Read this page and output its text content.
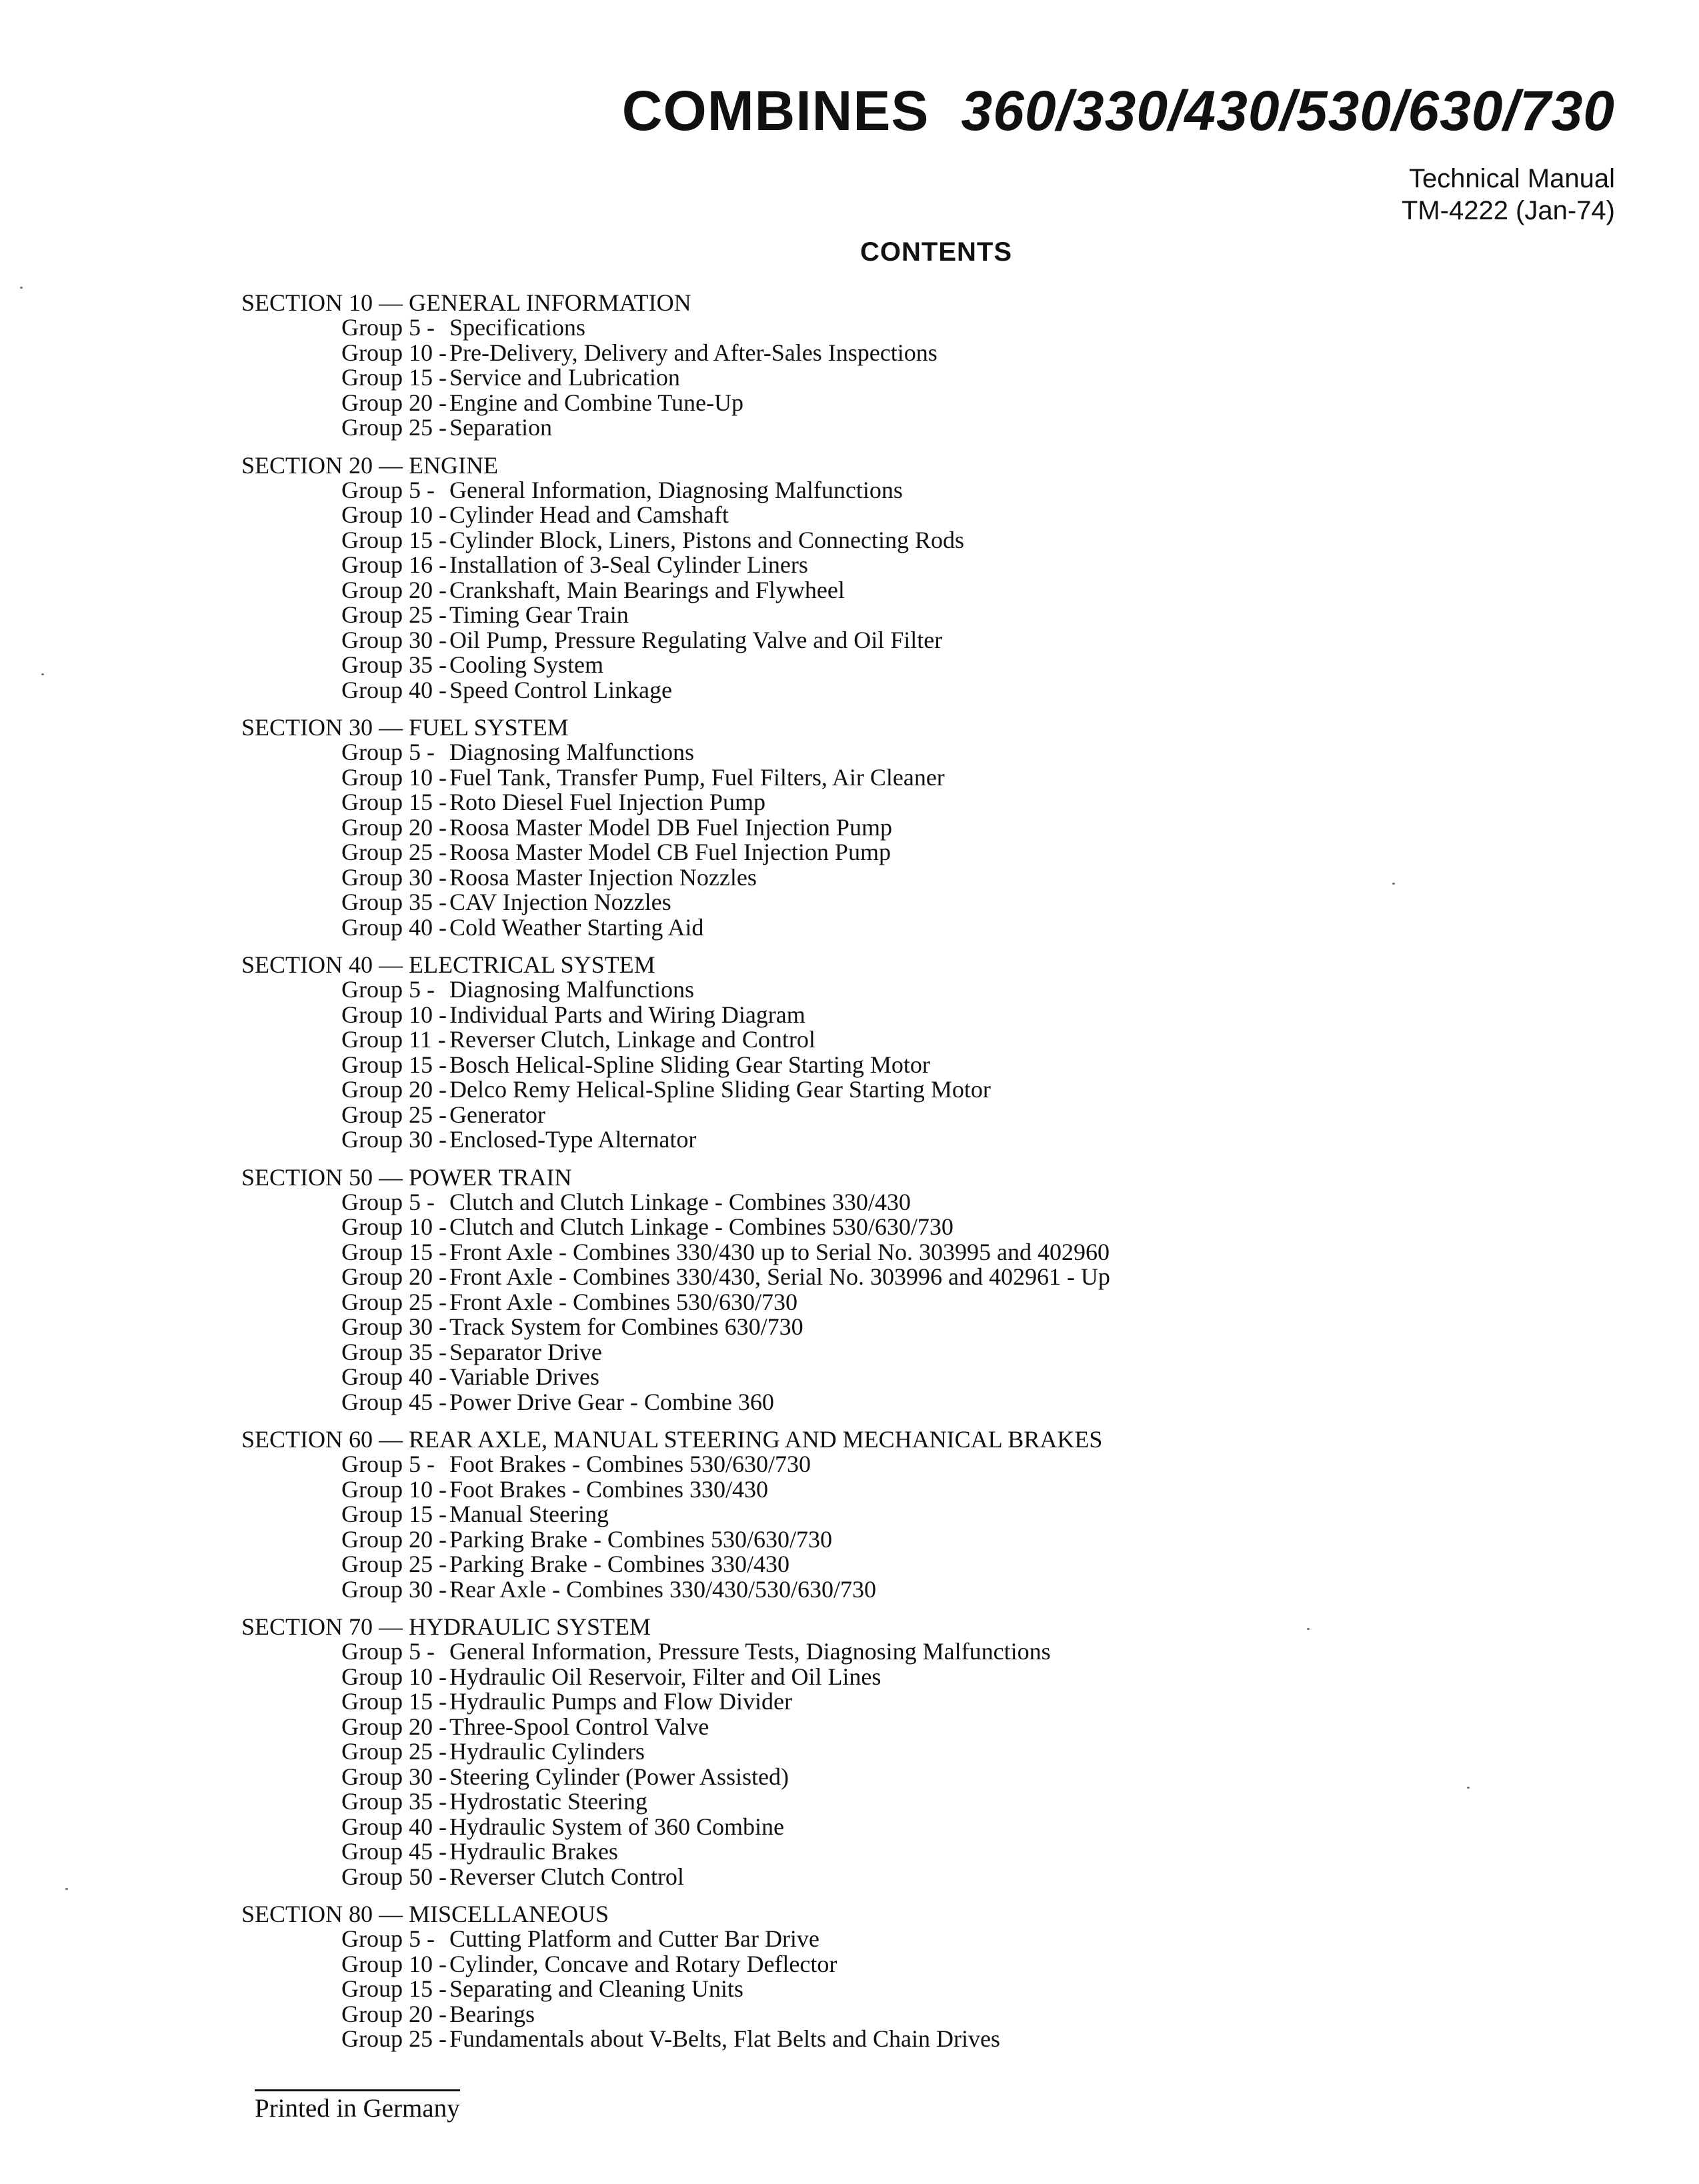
COMBINES 360/330/430/530/630/730
Technical Manual
TM-4222 (Jan-74)
CONTENTS
SECTION 10 — GENERAL INFORMATION
Group 5 - Specifications
Group 10 - Pre-Delivery, Delivery and After-Sales Inspections
Group 15 - Service and Lubrication
Group 20 - Engine and Combine Tune-Up
Group 25 - Separation
SECTION 20 — ENGINE
Group 5 - General Information, Diagnosing Malfunctions
Group 10 - Cylinder Head and Camshaft
Group 15 - Cylinder Block, Liners, Pistons and Connecting Rods
Group 16 - Installation of 3-Seal Cylinder Liners
Group 20 - Crankshaft, Main Bearings and Flywheel
Group 25 - Timing Gear Train
Group 30 - Oil Pump, Pressure Regulating Valve and Oil Filter
Group 35 - Cooling System
Group 40 - Speed Control Linkage
SECTION 30 — FUEL SYSTEM
Group 5 - Diagnosing Malfunctions
Group 10 - Fuel Tank, Transfer Pump, Fuel Filters, Air Cleaner
Group 15 - Roto Diesel Fuel Injection Pump
Group 20 - Roosa Master Model DB Fuel Injection Pump
Group 25 - Roosa Master Model CB Fuel Injection Pump
Group 30 - Roosa Master Injection Nozzles
Group 35 - CAV Injection Nozzles
Group 40 - Cold Weather Starting Aid
SECTION 40 — ELECTRICAL SYSTEM
Group 5 - Diagnosing Malfunctions
Group 10 - Individual Parts and Wiring Diagram
Group 11 - Reverser Clutch, Linkage and Control
Group 15 - Bosch Helical-Spline Sliding Gear Starting Motor
Group 20 - Delco Remy Helical-Spline Sliding Gear Starting Motor
Group 25 - Generator
Group 30 - Enclosed-Type Alternator
SECTION 50 — POWER TRAIN
Group 5 - Clutch and Clutch Linkage - Combines 330/430
Group 10 - Clutch and Clutch Linkage - Combines 530/630/730
Group 15 - Front Axle - Combines 330/430 up to Serial No. 303995 and 402960
Group 20 - Front Axle - Combines 330/430, Serial No. 303996 and 402961 - Up
Group 25 - Front Axle - Combines 530/630/730
Group 30 - Track System for Combines 630/730
Group 35 - Separator Drive
Group 40 - Variable Drives
Group 45 - Power Drive Gear - Combine 360
SECTION 60 — REAR AXLE, MANUAL STEERING AND MECHANICAL BRAKES
Group 5 - Foot Brakes - Combines 530/630/730
Group 10 - Foot Brakes - Combines 330/430
Group 15 - Manual Steering
Group 20 - Parking Brake - Combines 530/630/730
Group 25 - Parking Brake - Combines 330/430
Group 30 - Rear Axle - Combines 330/430/530/630/730
SECTION 70 — HYDRAULIC SYSTEM
Group 5 - General Information, Pressure Tests, Diagnosing Malfunctions
Group 10 - Hydraulic Oil Reservoir, Filter and Oil Lines
Group 15 - Hydraulic Pumps and Flow Divider
Group 20 - Three-Spool Control Valve
Group 25 - Hydraulic Cylinders
Group 30 - Steering Cylinder (Power Assisted)
Group 35 - Hydrostatic Steering
Group 40 - Hydraulic System of 360 Combine
Group 45 - Hydraulic Brakes
Group 50 - Reverser Clutch Control
SECTION 80 — MISCELLANEOUS
Group 5 - Cutting Platform and Cutter Bar Drive
Group 10 - Cylinder, Concave and Rotary Deflector
Group 15 - Separating and Cleaning Units
Group 20 - Bearings
Group 25 - Fundamentals about V-Belts, Flat Belts and Chain Drives
Printed in Germany
